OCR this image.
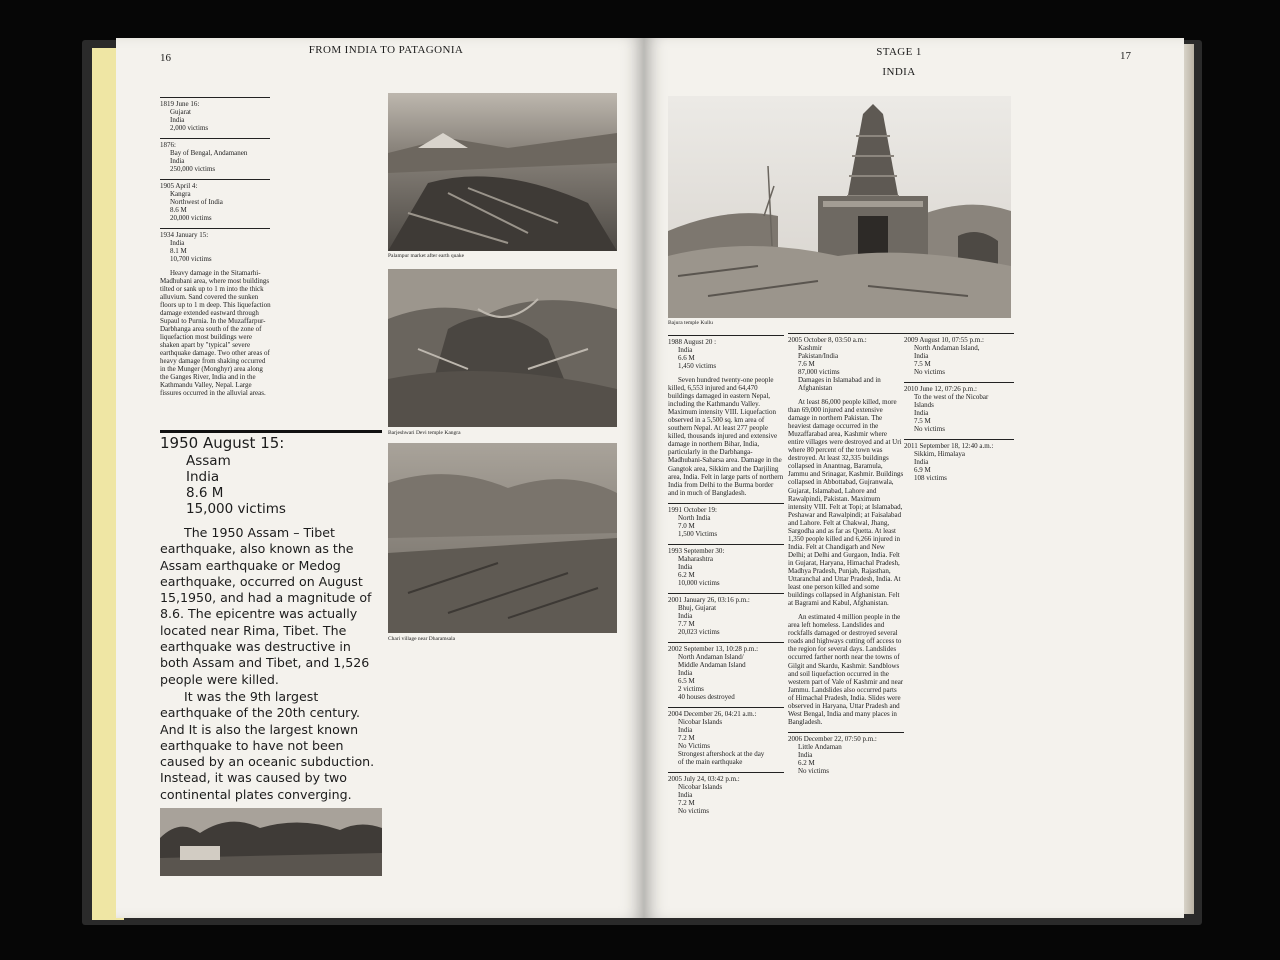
16
FROM INDIA TO PATAGONIA
1819 June 16:
Gujarat
India
2,000 victims
1876:
Bay of Bengal, Andamanen
India
250,000 victims
1905 April 4:
Kangra
Northwest of India
8.6 M
20,000 victims
1934 January 15:
India
8.1 M
10,700 victims
Heavy damage in the Sitamarhi-Madhubani area, where most buildings tilted or sank up to 1 m into the thick alluvium. Sand covered the sunken floors up to 1 m deep. This liquefaction damage extended eastward through Supaul to Purnia. In the Muzaffarpur-Darbhanga area south of the zone of liquefaction most buildings were shaken apart by "typical" severe earthquake damage. Two other areas of heavy damage from shaking occurred in the Munger (Monghyr) area along the Ganges River, India and in the Kathmandu Valley, Nepal. Large fissures occurred in the alluvial areas.
1950 August 15:
Assam
India
8.6 M
15,000 victims
The 1950 Assam – Tibet earthquake, also known as the Assam earthquake or Medog earthquake, occurred on August 15,1950, and had a magnitude of 8.6. The epicentre was actually located near Rima, Tibet. The earthquake was destructive in both Assam and Tibet, and 1,526 people were killed.
It was the 9th largest earthquake of the 20th century. And It is also the largest known earthquake to have not been caused by an oceanic subduction. Instead, it was caused by two continental plates converging.
Palampur market after earth quake
Barjeshwari Devi temple Kangra
Chari village near Dharamsala
STAGE 1
INDIA
17
Bajura temple Kullu
1988 August 20 :
India
6.6 M
1,450 victims
Seven hundred twenty-one people killed, 6,553 injured and 64,470 buildings damaged in eastern Nepal, including the Kathmandu Valley. Maximum intensity VIII. Liquefaction observed in a 5,500 sq. km area of southern Nepal. At least 277 people killed, thousands injured and extensive damage in northern Bihar, India, particularly in the Darbhanga-Madhubani-Saharsa area. Damage in the Gangtok area, Sikkim and the Darjiling area, India. Felt in large parts of northern India from Delhi to the Burma border and in much of Bangladesh.
1991 October 19:
North India
7.0 M
1,500 Victims
1993 September 30:
Maharashtra
India
6.2 M
10,000 victims
2001 January 26, 03:16 p.m.:
Bhuj, Gujarat
India
7.7 M
20,023 victims
2002 September 13, 10:28 p.m.:
North Andaman Island/
Middle Andaman Island
India
6.5 M
2 victims
40 houses destroyed
2004 December 26, 04:21 a.m.:
Nicobar Islands
India
7.2 M
No Victims
Strongest aftershock at the day
of the main earthquake
2005 July 24, 03:42 p.m.:
Nicobar Islands
India
7.2 M
No victims
2005 October 8, 03:50 a.m.:
Kashmir
Pakistan/India
7.6 M
87,000 victims
Damages in Islamabad and in
Afghanistan
At least 86,000 people killed, more than 69,000 injured and extensive damage in northern Pakistan. The heaviest damage occurred in the Muzaffarabad area, Kashmir where entire villages were destroyed and at Uri where 80 percent of the town was destroyed. At least 32,335 buildings collapsed in Anantnag, Baramula, Jammu and Srinagar, Kashmir. Buildings collapsed in Abbottabad, Gujranwala, Gujarat, Islamabad, Lahore and Rawalpindi, Pakistan. Maximum intensity VIII. Felt at Topi; at Islamabad, Peshawar and Rawalpindi; at Faisalabad and Lahore. Felt at Chakwal, Jhang, Sargodha and as far as Quetta. At least 1,350 people killed and 6,266 injured in India. Felt at Chandigarh and New Delhi; at Delhi and Gurgaon, India. Felt in Gujarat, Haryana, Himachal Pradesh, Madhya Pradesh, Punjab, Rajasthan, Uttaranchal and Uttar Pradesh, India. At least one person killed and some buildings collapsed in Afghanistan. Felt at Bagrami and Kabul, Afghanistan.
An estimated 4 million people in the area left homeless. Landslides and rockfalls damaged or destroyed several roads and highways cutting off access to the region for several days. Landslides occurred farther north near the towns of Gilgit and Skardu, Kashmir. Sandblows and soil liquefaction occurred in the western part of Vale of Kashmir and near Jammu. Landslides also occurred parts of Himachal Pradesh, India. Slides were observed in Haryana, Uttar Pradesh and West Bengal, India and many places in Bangladesh.
2006 December 22, 07:50 p.m.:
Little Andaman
India
6.2 M
No victims
2009 August 10, 07:55 p.m.:
North Andaman Island,
India
7.5 M
No victims
2010 June 12, 07:26 p.m.:
To the west of the Nicobar
Islands
India
7.5 M
No victims
2011 September 18, 12:40 a.m.:
Sikkim, Himalaya
India
6.9 M
108 victims
